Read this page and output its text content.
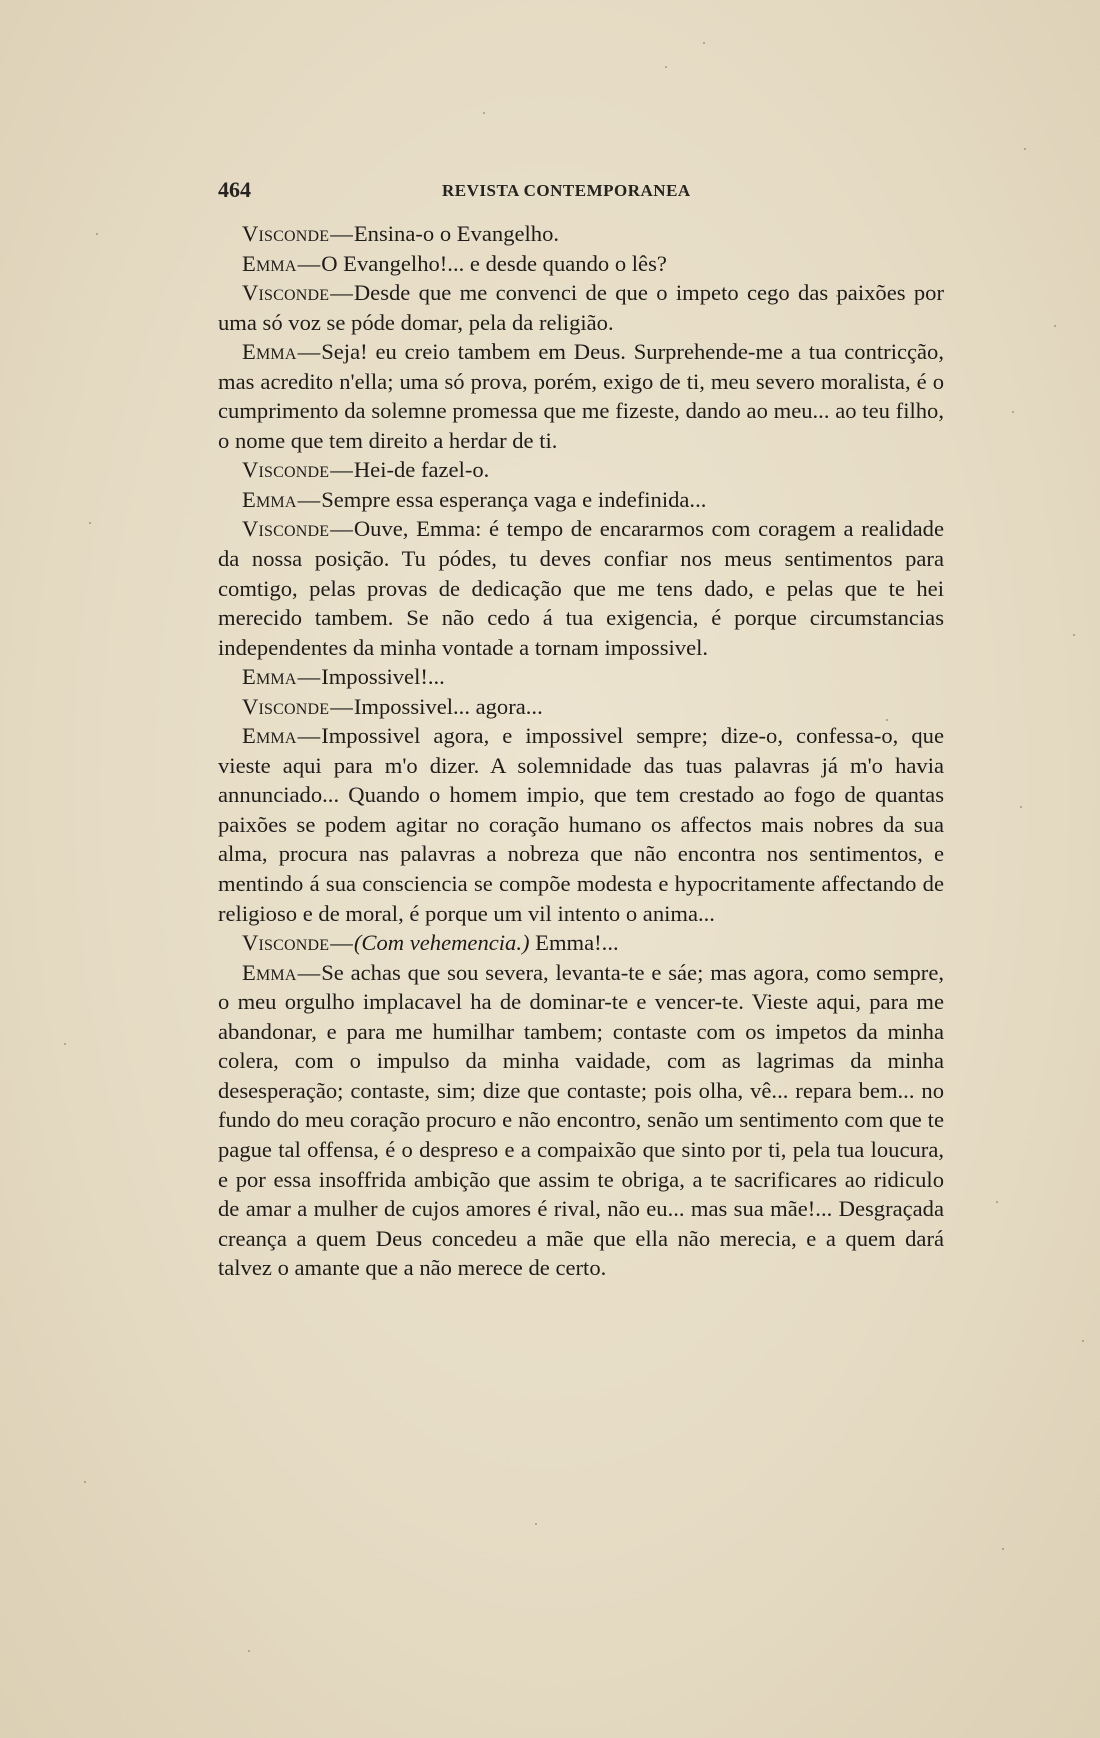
464	REVISTA CONTEMPORANEA

Visconde—Ensina-o o Evangelho.

Emma—O Evangelho!... e desde quando o lês?

Visconde—Desde que me convenci de que o impeto cego das paixões por uma só voz se póde domar, pela da religião.

Emma—Seja! eu creio tambem em Deus. Surprehende-me a tua contricção, mas acredito n'ella; uma só prova, porém, exigo de ti, meu severo moralista, é o cumprimento da solemne promessa que me fizeste, dando ao meu... ao teu filho, o nome que tem direito a herdar de ti.

Visconde—Hei-de fazel-o.

Emma—Sempre essa esperança vaga e indefinida...

Visconde—Ouve, Emma: é tempo de encararmos com coragem a realidade da nossa posição. Tu pódes, tu deves confiar nos meus sentimentos para comtigo, pelas provas de dedicação que me tens dado, e pelas que te hei merecido tambem. Se não cedo á tua exigencia, é porque circumstancias independentes da minha vontade a tornam impossivel.

Emma—Impossivel!...

Visconde—Impossivel... agora...

Emma—Impossivel agora, e impossivel sempre; dize-o, confessa-o, que vieste aqui para m'o dizer. A solemnidade das tuas palavras já m'o havia annunciado... Quando o homem impio, que tem crestado ao fogo de quantas paixões se podem agitar no coração humano os affectos mais nobres da sua alma, procura nas palavras a nobreza que não encontra nos sentimentos, e mentindo á sua consciencia se compõe modesta e hypocritamente affectando de religioso e de moral, é porque um vil intento o anima...

Visconde—(Com vehemencia.) Emma!...

Emma—Se achas que sou severa, levanta-te e sáe; mas agora, como sempre, o meu orgulho implacavel ha de dominar-te e vencer-te. Vieste aqui, para me abandonar, e para me humilhar tambem; contaste com os impetos da minha colera, com o impulso da minha vaidade, com as lagrimas da minha desesperação; contaste, sim; dize que contaste; pois olha, vê... repara bem... no fundo do meu coração procuro e não encontro, senão um sentimento com que te pague tal offensa, é o despreso e a compaixão que sinto por ti, pela tua loucura, e por essa insoffrida ambição que assim te obriga, a te sacrificares ao ridiculo de amar a mulher de cujos amores é rival, não eu... mas sua mãe!... Desgraçada creança a quem Deus concedeu a mãe que ella não merecia, e a quem dará talvez o amante que a não merece de certo.
